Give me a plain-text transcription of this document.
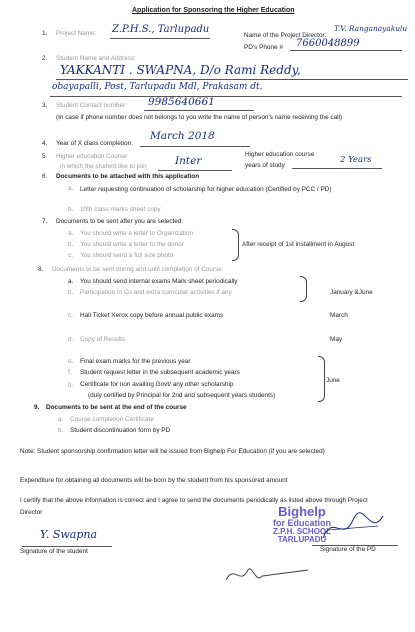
Application for Sponsoring the Higher Education
1. Project Name: Z.P.H.S., Tarlupadu
Name of the Project Director:
T.V. Ranganayakulu
PD's Phone # 7660048899
2. Student Name and Address:
YAKKANTI . SWAPNA, D/o Rami Reddy,
obayapalli, Post, Tarlupadu Mdl, Prakasam dt.
3. Student Contact number: 9985640661
(In case if phone number does not belongs to you write the name of person's name receiving the call)
4. Year of X class completion:
March 2018
5. Higher education Course
in which the student like to join	Inter
Higher education course
years of study
2 Years
6. Documents to be attached with this application
a. Letter requesting continuation of scholarship for higher education (Certified by PCC / PD)
b. 10th class marks sheet copy
7. Documents to be sent after you are selected:
a. You should write a letter to Organization
b. You should write a letter to the donor
c. You should send a full size photo
After receipt of 1st installment in August
8. Documents to be sent during and until completion of Course:
a. You should send internal exams Mark sheet periodically
b. Participation in Co and extra curricular activities if any	January &June
c. Hall Ticket Xerox copy before annual public exams	March
d. Copy of Results	May
e. Final exam marks for the previous year
f. Student request letter in the subsequent academic years
g. Certificate for non availing Govt/ any other scholarship
(duly certified by Principal for 2nd and subsequent years students)
June
9. Documents to be sent at the end of the course
a. Course completion Certificate
b. Student discontinuation form by PD
Note: Student sponsorship confirmation letter will be issued from Bighelp For Education (if you are selected)
Expenditure for obtaining all documents will be born by the student from his sponsored amount
I certify that the above information is correct and I agree to send the documents periodically as listed above through Project Director
Y. Swapna
Signature of the student
Bighelp
for Education
Z.P.H. SCHOOL
TARLUPADU
Signature of the PD
